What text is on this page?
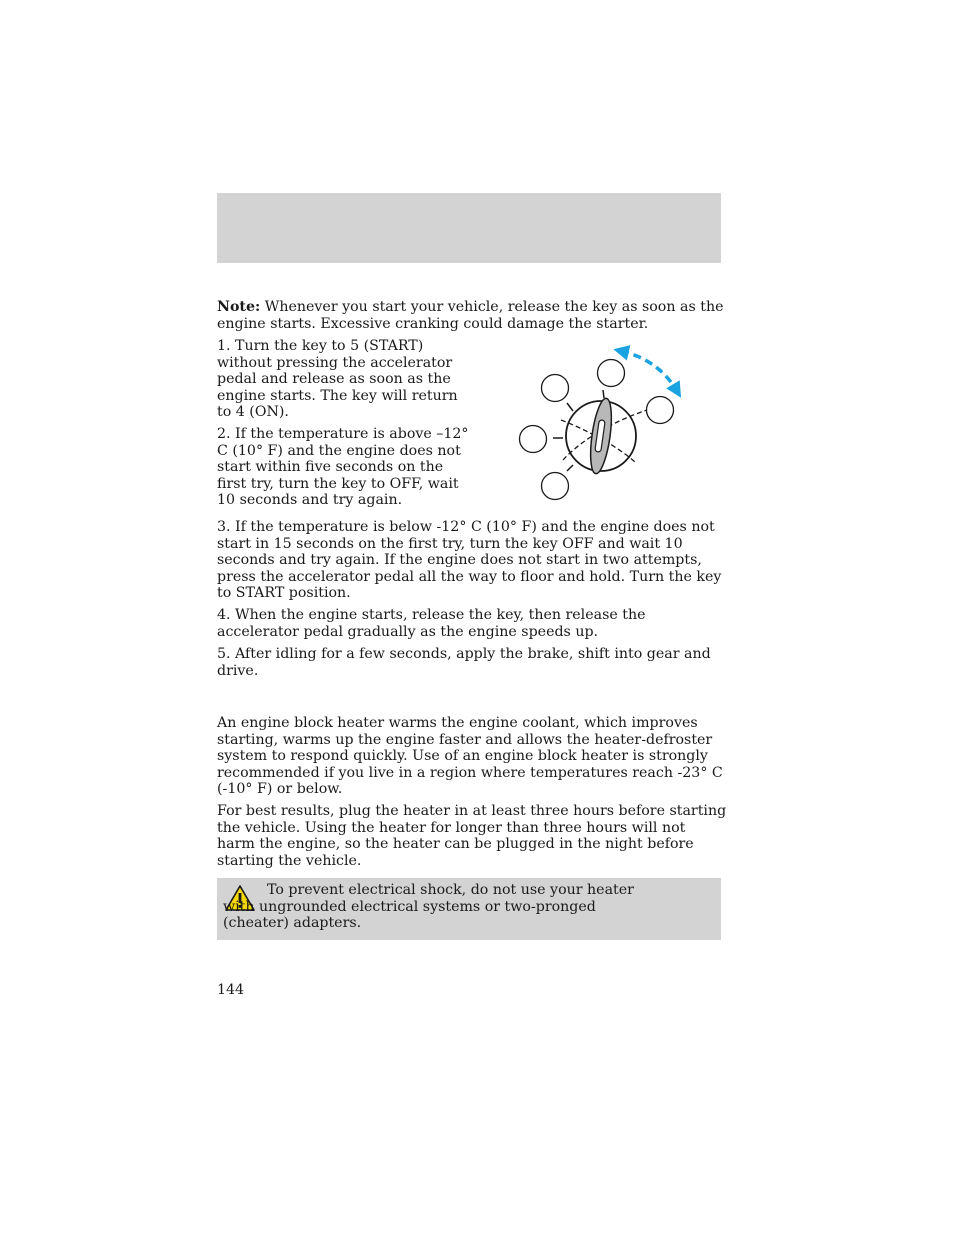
Note: Whenever you start your vehicle, release the key as soon as the engine starts. Excessive cranking could damage the starter.

1. Turn the key to 5 (START) without pressing the accelerator pedal and release as soon as the engine starts. The key will return to 4 (ON).

2. If the temperature is above –12° C (10° F) and the engine does not start within five seconds on the first try, turn the key to OFF, wait 10 seconds and try again.

3. If the temperature is below -12° C (10° F) and the engine does not start in 15 seconds on the first try, turn the key OFF and wait 10 seconds and try again. If the engine does not start in two attempts, press the accelerator pedal all the way to floor and hold. Turn the key to START position.

4. When the engine starts, release the key, then release the accelerator pedal gradually as the engine speeds up.

5. After idling for a few seconds, apply the brake, shift into gear and drive.

An engine block heater warms the engine coolant, which improves starting, warms up the engine faster and allows the heater-defroster system to respond quickly. Use of an engine block heater is strongly recommended if you live in a region where temperatures reach -23° C (-10° F) or below.

For best results, plug the heater in at least three hours before starting the vehicle. Using the heater for longer than three hours will not harm the engine, so the heater can be plugged in the night before starting the vehicle.

To prevent electrical shock, do not use your heater with ungrounded electrical systems or two-pronged (cheater) adapters.

144
